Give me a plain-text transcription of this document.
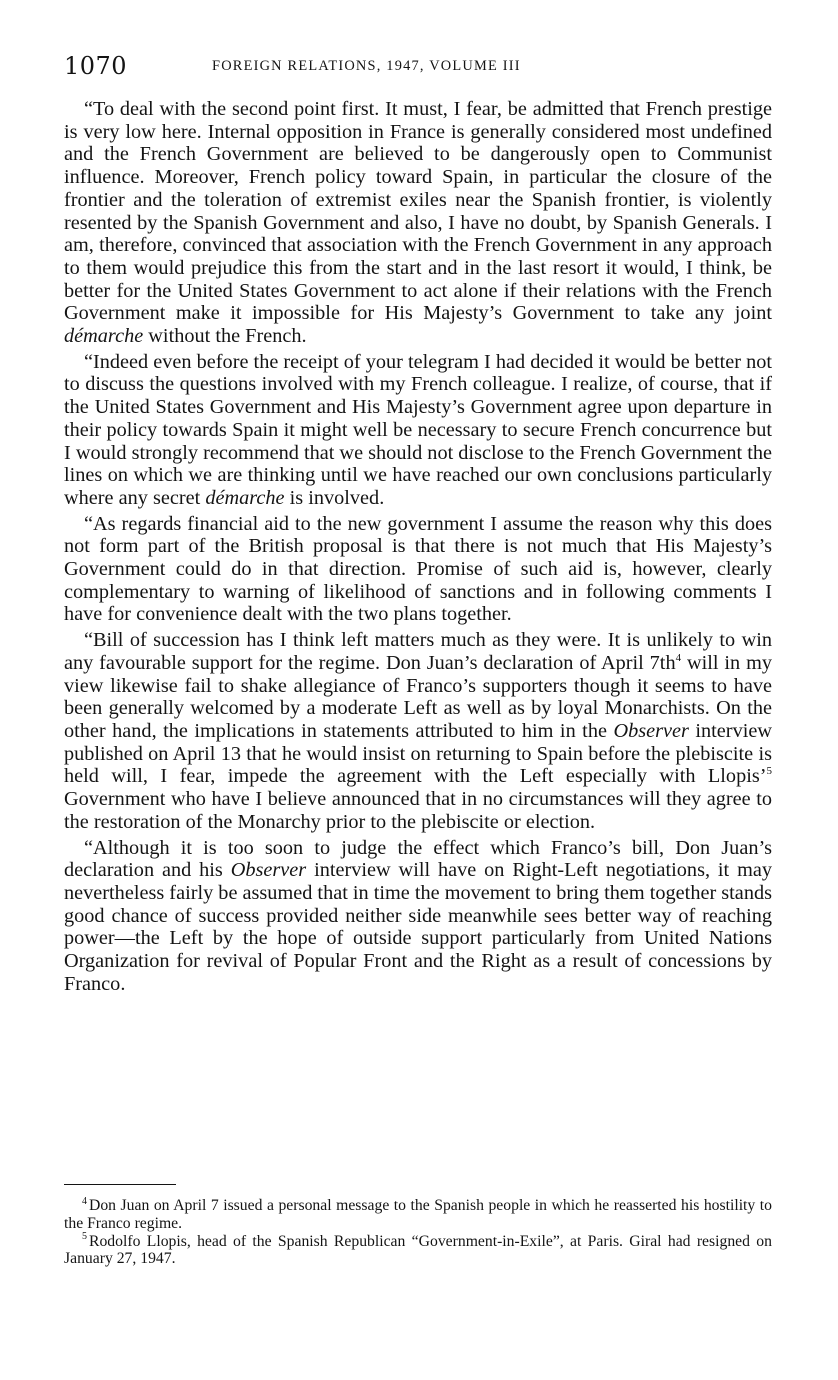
1070	FOREIGN RELATIONS, 1947, VOLUME III

“To deal with the second point first. It must, I fear, be admitted that French prestige is very low here. Internal opposition in France is generally considered most undefined and the French Government are believed to be dangerously open to Communist influence. Moreover, French policy toward Spain, in particular the closure of the frontier and the toleration of extremist exiles near the Spanish frontier, is violently resented by the Spanish Government and also, I have no doubt, by Spanish Generals. I am, therefore, convinced that association with the French Government in any approach to them would prejudice this from the start and in the last resort it would, I think, be better for the United States Government to act alone if their relations with the French Government make it impossible for His Majesty’s Government to take any joint démarche without the French.

“Indeed even before the receipt of your telegram I had decided it would be better not to discuss the questions involved with my French colleague. I realize, of course, that if the United States Government and His Majesty’s Government agree upon departure in their policy towards Spain it might well be necessary to secure French concurrence but I would strongly recommend that we should not disclose to the French Government the lines on which we are thinking until we have reached our own conclusions particularly where any secret démarche is involved.

“As regards financial aid to the new government I assume the reason why this does not form part of the British proposal is that there is not much that His Majesty’s Government could do in that direction. Promise of such aid is, however, clearly complementary to warning of likelihood of sanctions and in following comments I have for convenience dealt with the two plans together.

“Bill of succession has I think left matters much as they were. It is unlikely to win any favourable support for the regime. Don Juan’s declaration of April $7th^4$ will in my view likewise fail to shake allegiance of Franco’s supporters though it seems to have been generally welcomed by a moderate Left as well as by loyal Monarchists. On the other hand, the implications in statements attributed to him in the Observer interview published on April 13 that he would insist on returning to Spain before the plebiscite is held will, I fear, impede the agreement with the Left especially with Llopis’$^5$ Government who have I believe announced that in no circumstances will they agree to the restoration of the Monarchy prior to the plebiscite or election.

“Although it is too soon to judge the effect which Franco’s bill, Don Juan’s declaration and his Observer interview will have on Right-Left negotiations, it may nevertheless fairly be assumed that in time the movement to bring them together stands good chance of success provided neither side meanwhile sees better way of reaching power—the Left by the hope of outside support particularly from United Nations Organization for revival of Popular Front and the Right as a result of concessions by Franco.

$^4$ Don Juan on April 7 issued a personal message to the Spanish people in which he reasserted his hostility to the Franco regime.

$^5$ Rodolfo Llopis, head of the Spanish Republican “Government-in-Exile”, at Paris. Giral had resigned on January 27, 1947.
